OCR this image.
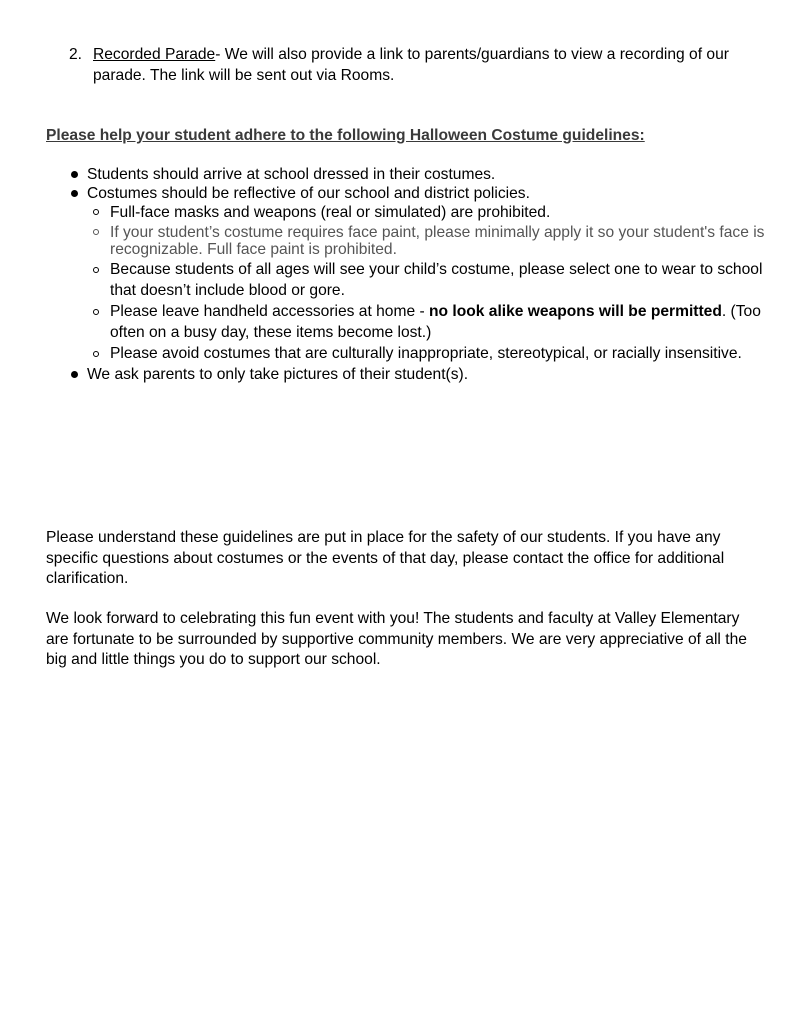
2. Recorded Parade- We will also provide a link to parents/guardians to view a recording of our parade. The link will be sent out via Rooms.
Please help your student adhere to the following Halloween Costume guidelines:
Students should arrive at school dressed in their costumes.
Costumes should be reflective of our school and district policies.
Full-face masks and weapons (real or simulated) are prohibited.
If your student’s costume requires face paint, please minimally apply it so your student's face is recognizable. Full face paint is prohibited.
Because students of all ages will see your child’s costume, please select one to wear to school that doesn’t include blood or gore.
Please leave handheld accessories at home - no look alike weapons will be permitted. (Too often on a busy day, these items become lost.)
Please avoid costumes that are culturally inappropriate, stereotypical, or racially insensitive.
We ask parents to only take pictures of their student(s).
Please understand these guidelines are put in place for the safety of our students. If you have any specific questions about costumes or the events of that day, please contact the office for additional clarification.
We look forward to celebrating this fun event with you! The students and faculty at Valley Elementary are fortunate to be surrounded by supportive community members. We are very appreciative of all the big and little things you do to support our school.
